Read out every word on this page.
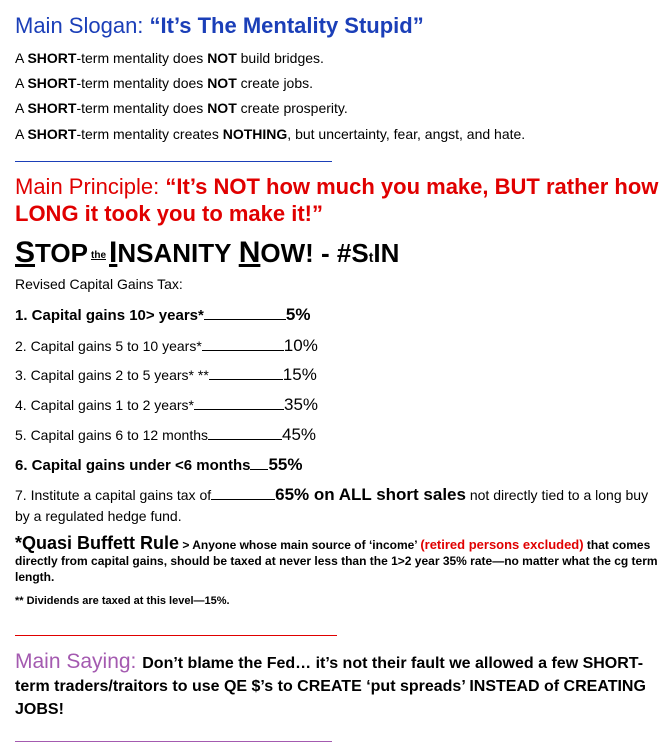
Main Slogan: “It’s The Mentality Stupid”
A SHORT-term mentality does NOT build bridges.
A SHORT-term mentality does NOT create jobs.
A SHORT-term mentality does NOT create prosperity.
A SHORT-term mentality creates NOTHING, but uncertainty, fear, angst, and hate.
Main Principle: “It’s NOT how much you make, BUT rather how LONG it took you to make it!”
STOP the INSANITY NOW! - #StIN
Revised Capital Gains Tax:
1. Capital gains 10> years*	5%
2. Capital gains 5 to 10 years*	10%
3. Capital gains 2 to 5 years* **	15%
4. Capital gains 1 to 2 years*	35%
5. Capital gains 6 to 12 months	45%
6. Capital gains under <6 months 55%
7. Institute a capital gains tax of	65% on ALL short sales not directly tied to a long buy by a regulated hedge fund.
*Quasi Buffett Rule > Anyone whose main source of ‘income’ (retired persons excluded) that comes directly from capital gains, should be taxed at never less than the 1>2 year 35% rate—no matter what the cg term length.
** Dividends are taxed at this level—15%.
Main Saying: Don’t blame the Fed… it’s not their fault we allowed a few SHORT-term traders/traitors to use QE $’s to CREATE ‘put spreads’ INSTEAD of CREATING JOBS!
